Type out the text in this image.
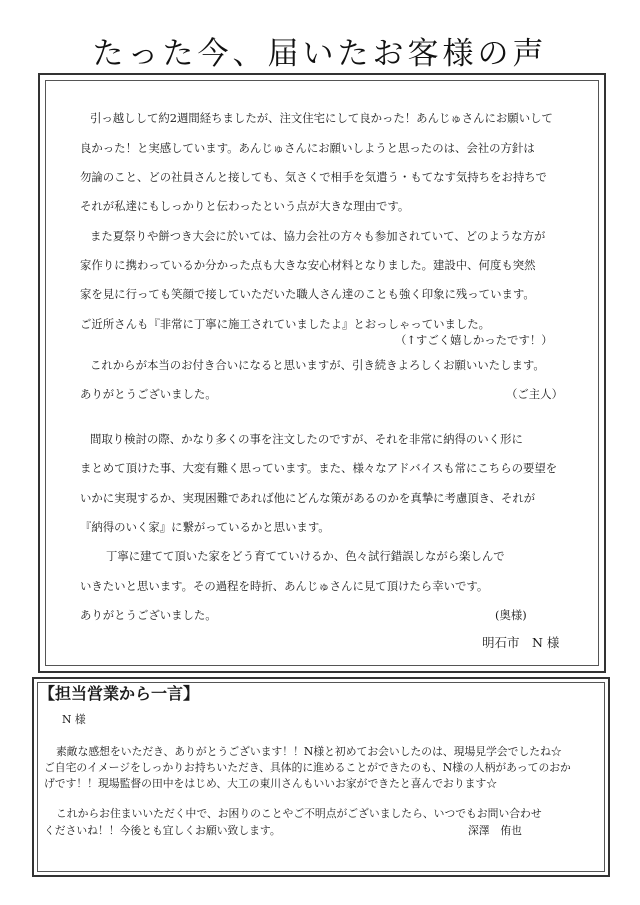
たった今、届いたお客様の声
引っ越しして約2週間経ちましたが、注文住宅にして良かった！あんじゅさんにお願いして
良かった！と実感しています。あんじゅさんにお願いしようと思ったのは、会社の方針は
勿論のこと、どの社員さんと接しても、気さくで相手を気遣う・もてなす気持ちをお持ちで
それが私達にもしっかりと伝わったという点が大きな理由です。
また夏祭りや餅つき大会に於いては、協力会社の方々も参加されていて、どのような方が
家作りに携わっているか分かった点も大きな安心材料となりました。建設中、何度も突然
家を見に行っても笑顔で接していただいた職人さん達のことも強く印象に残っています。
ご近所さんも『非常に丁寧に施工されていましたよ』とおっしゃっていました。
（↑すごく嬉しかったです！）
これからが本当のお付き合いになると思いますが、引き続きよろしくお願いいたします。
ありがとうございました。	（ご主人）
間取り検討の際、かなり多くの事を注文したのですが、それを非常に納得のいく形に
まとめて頂けた事、大変有難く思っています。また、様々なアドバイスも常にこちらの要望を
いかに実現するか、実現困難であれば他にどんな策があるのかを真摯に考慮頂き、それが
『納得のいく家』に繋がっているかと思います。
丁寧に建てて頂いた家をどう育てていけるか、色々試行錯誤しながら楽しんで
いきたいと思います。その過程を時折、あんじゅさんに見て頂けたら幸いです。
ありがとうございました。	(奥様)
明石市　N 様
【担当営業から一言】
N 様
素敵な感想をいただき、ありがとうございます！！N様と初めてお会いしたのは、現場見学会でしたね☆
ご自宅のイメージをしっかりお持ちいただき、具体的に進めることができたのも、N様の人柄があってのおか
げです！！現場監督の田中をはじめ、大工の東川さんもいいお家ができたと喜んでおります☆
これからお住まいいただく中で、お困りのことやご不明点がございましたら、いつでもお問い合わせ
くださいね！！今後とも宜しくお願い致します。	深澤　侑也
